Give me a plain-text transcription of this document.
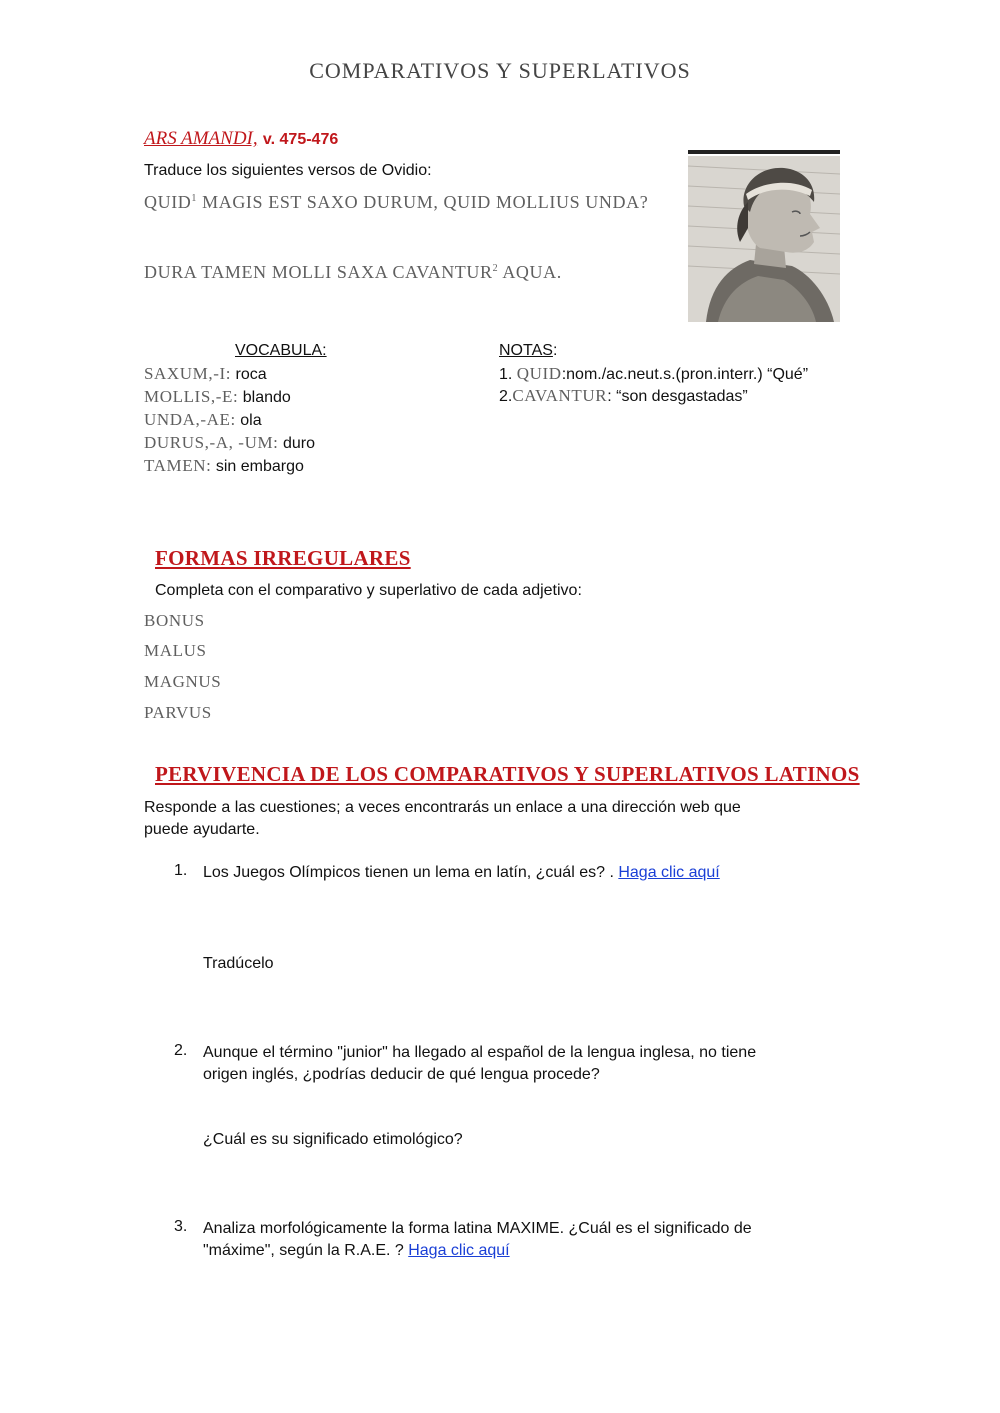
COMPARATIVOS Y SUPERLATIVOS
ARS AMANDI, v. 475-476
Traduce los siguientes versos de Ovidio:
QUID$^1$ MAGIS EST SAXO DURUM, QUID MOLLIUS UNDA?
DURA TAMEN MOLLI SAXA CAVANTUR$^2$ AQUA.
VOCABULA:
SAXUM,-I: roca
MOLLIS,-E: blando
UNDA,-AE: ola
DURUS,-A, -UM: duro
TAMEN: sin embargo
NOTAS:
1. QUID:nom./ac.neut.s.(pron.interr.) “Qué”
2.CAVANTUR: “son desgastadas”
FORMAS IRREGULARES
Completa con el comparativo y superlativo de cada adjetivo:
BONUS
MALUS
MAGNUS
PARVUS
PERVIVENCIA DE LOS COMPARATIVOS Y SUPERLATIVOS LATINOS
Responde a las cuestiones; a veces encontrarás un enlace a una dirección web que
puede ayudarte.
1. Los Juegos Olímpicos tienen un lema en latín, ¿cuál es? . Haga clic aquí
Tradúcelo
2. Aunque el término "junior" ha llegado al español de la lengua inglesa, no tiene
origen inglés, ¿podrías deducir de qué lengua procede?
¿Cuál es su significado etimológico?
3. Analiza morfológicamente la forma latina MAXIME. ¿Cuál es el significado de
"máxime", según la R.A.E. ? Haga clic aquí
